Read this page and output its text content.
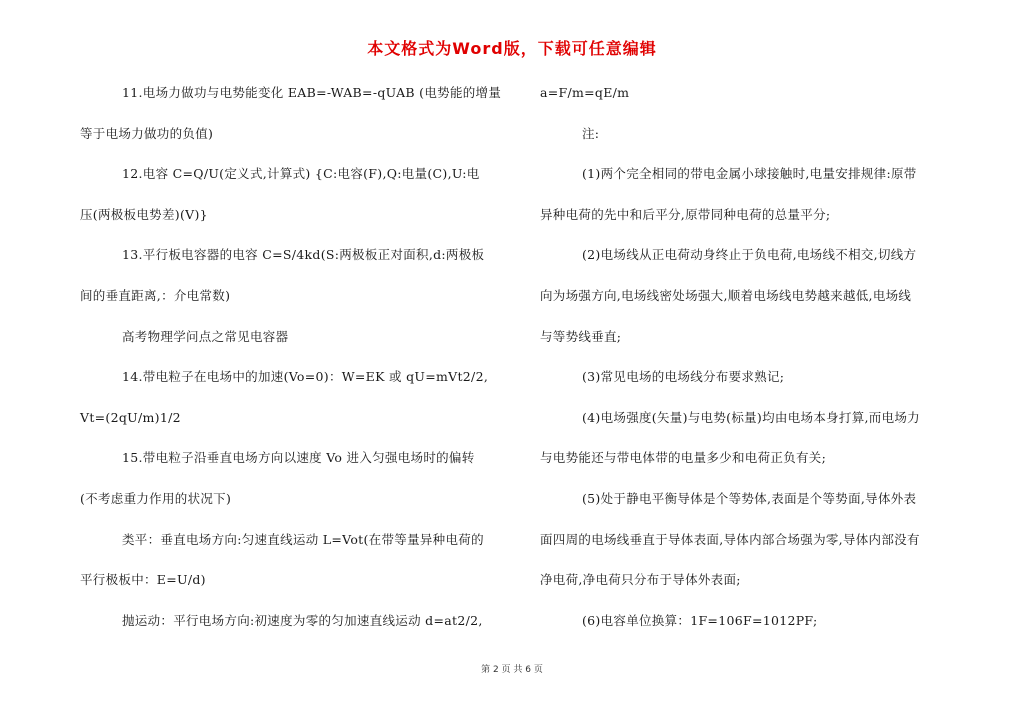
本文格式为Word版，下载可任意编辑
11.电场力做功与电势能变化 EAB=-WAB=-qUAB (电势能的增量
等于电场力做功的负值)
12.电容 C=Q/U(定义式,计算式) {C:电容(F),Q:电量(C),U:电
压(两极板电势差)(V)}
13.平行板电容器的电容 C=S/4kd(S:两极板正对面积,d:两极板
间的垂直距离,：介电常数)
高考物理学问点之常见电容器
14.带电粒子在电场中的加速(Vo=0)：W=EK 或 qU=mVt2/2,
Vt=(2qU/m)1/2
15.带电粒子沿垂直电场方向以速度 Vo 进入匀强电场时的偏转
(不考虑重力作用的状况下)
类平：垂直电场方向:匀速直线运动 L=Vot(在带等量异种电荷的
平行极板中：E=U/d)
抛运动：平行电场方向:初速度为零的匀加速直线运动 d=at2/2,
a=F/m=qE/m
注:
(1)两个完全相同的带电金属小球接触时,电量安排规律:原带
异种电荷的先中和后平分,原带同种电荷的总量平分;
(2)电场线从正电荷动身终止于负电荷,电场线不相交,切线方
向为场强方向,电场线密处场强大,顺着电场线电势越来越低,电场线
与等势线垂直;
(3)常见电场的电场线分布要求熟记;
(4)电场强度(矢量)与电势(标量)均由电场本身打算,而电场力
与电势能还与带电体带的电量多少和电荷正负有关;
(5)处于静电平衡导体是个等势体,表面是个等势面,导体外表
面四周的电场线垂直于导体表面,导体内部合场强为零,导体内部没有
净电荷,净电荷只分布于导体外表面;
(6)电容单位换算：1F=106F=1012PF;
第 2 页 共 6 页
